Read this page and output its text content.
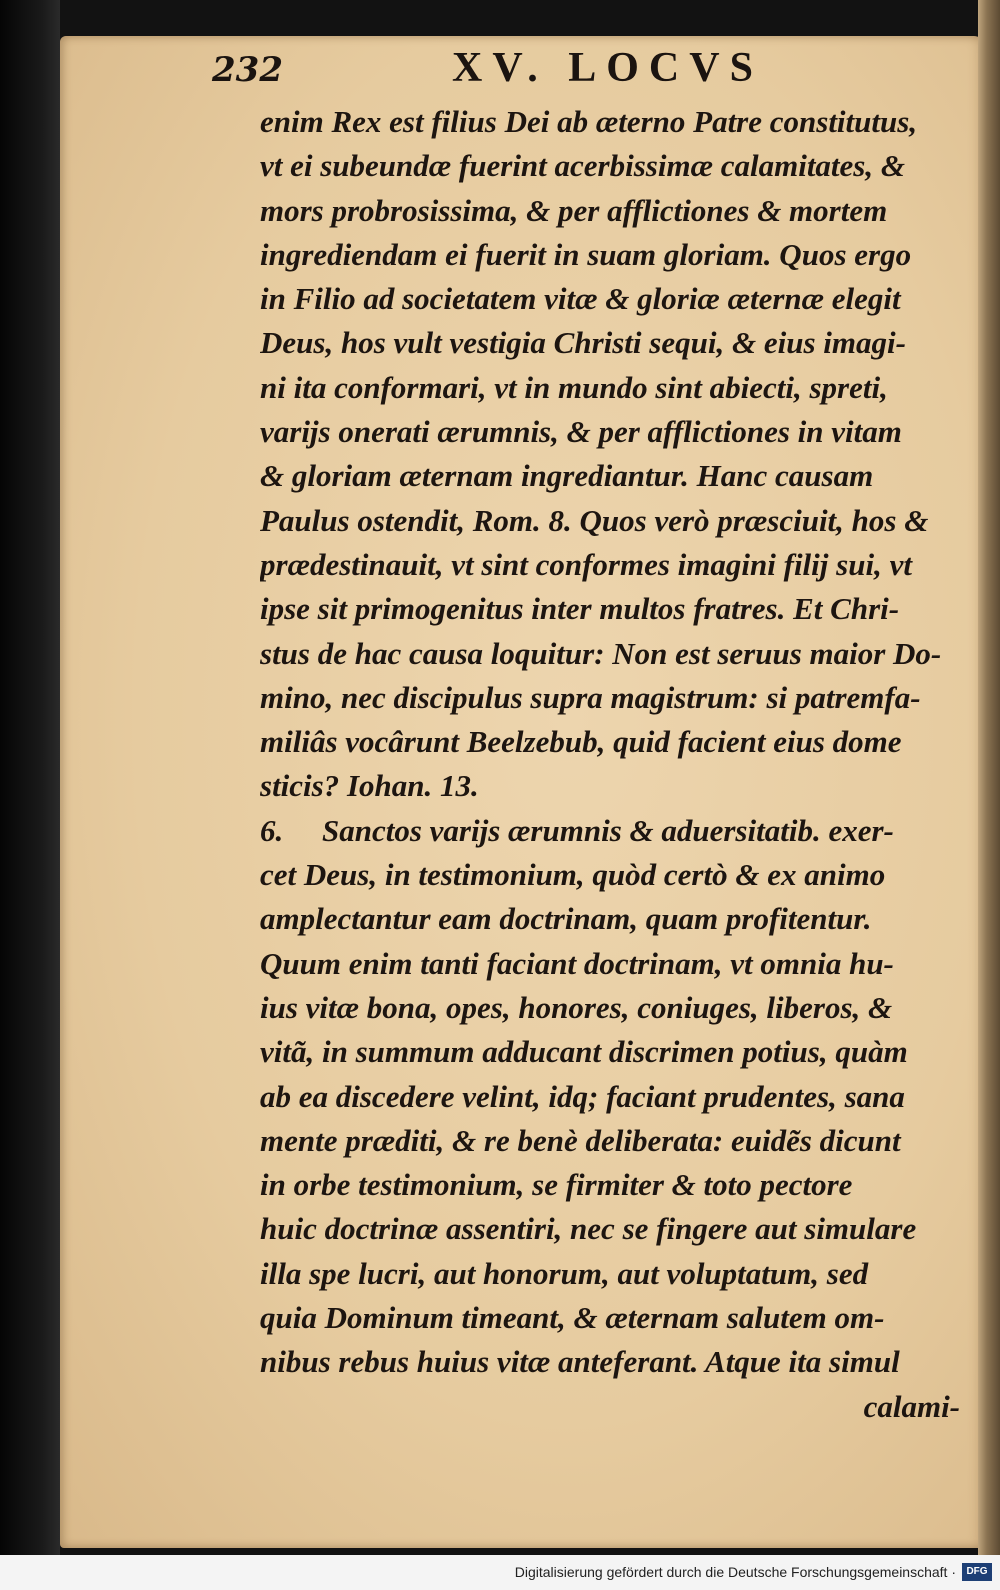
232	XV. LOCVS
enim Rex est filius Dei ab æterno Patre constitutus,
vt ei subeundæ fuerint acerbissimæ calamitates, &
mors probrosissima, & per afflictiones & mortem
ingrediendam ei fuerit in suam gloriam. Quos ergo
in Filio ad societatem vitæ & gloriæ æternæ elegit
Deus, hos vult vestigia Christi sequi, & eius imagi-
ni ita conformari, vt in mundo sint abiecti, spreti,
varijs onerati ærumnis, & per afflictiones in vitam
& gloriam æternam ingrediantur. Hanc causam
Paulus ostendit, Rom. 8. Quos verò præsciuit, hos &
prædestinauit, vt sint conformes imagini filij sui, vt
ipse sit primogenitus inter multos fratres. Et Chri-
stus de hac causa loquitur: Non est seruus maior Do-
mino, nec discipulus supra magistrum: si patremfa-
miliâs vocârunt Beelzebub, quid facient eius dome
sticis? Iohan. 13.
6. Sanctos varijs ærumnis & aduersitatib. exer-
cet Deus, in testimonium, quòd certò & ex animo
amplectantur eam doctrinam, quam profitentur.
Quum enim tanti faciant doctrinam, vt omnia hu-
ius vitæ bona, opes, honores, coniuges, liberos, &
vitã, in summum adducant discrimen potius, quàm
ab ea discedere velint, idq; faciant prudentes, sana
mente præditi, & re benè deliberata: euidẽs dicunt
in orbe testimonium, se firmiter & toto pectore
huic doctrinæ assentiri, nec se fingere aut simulare
illa spe lucri, aut honorum, aut voluptatum, sed
quia Dominum timeant, & æternam salutem om-
nibus rebus huius vitæ anteferant. Atque ita simul
calami-
Digitalisierung gefördert durch die Deutsche Forschungsgemeinschaft ·	DFG
